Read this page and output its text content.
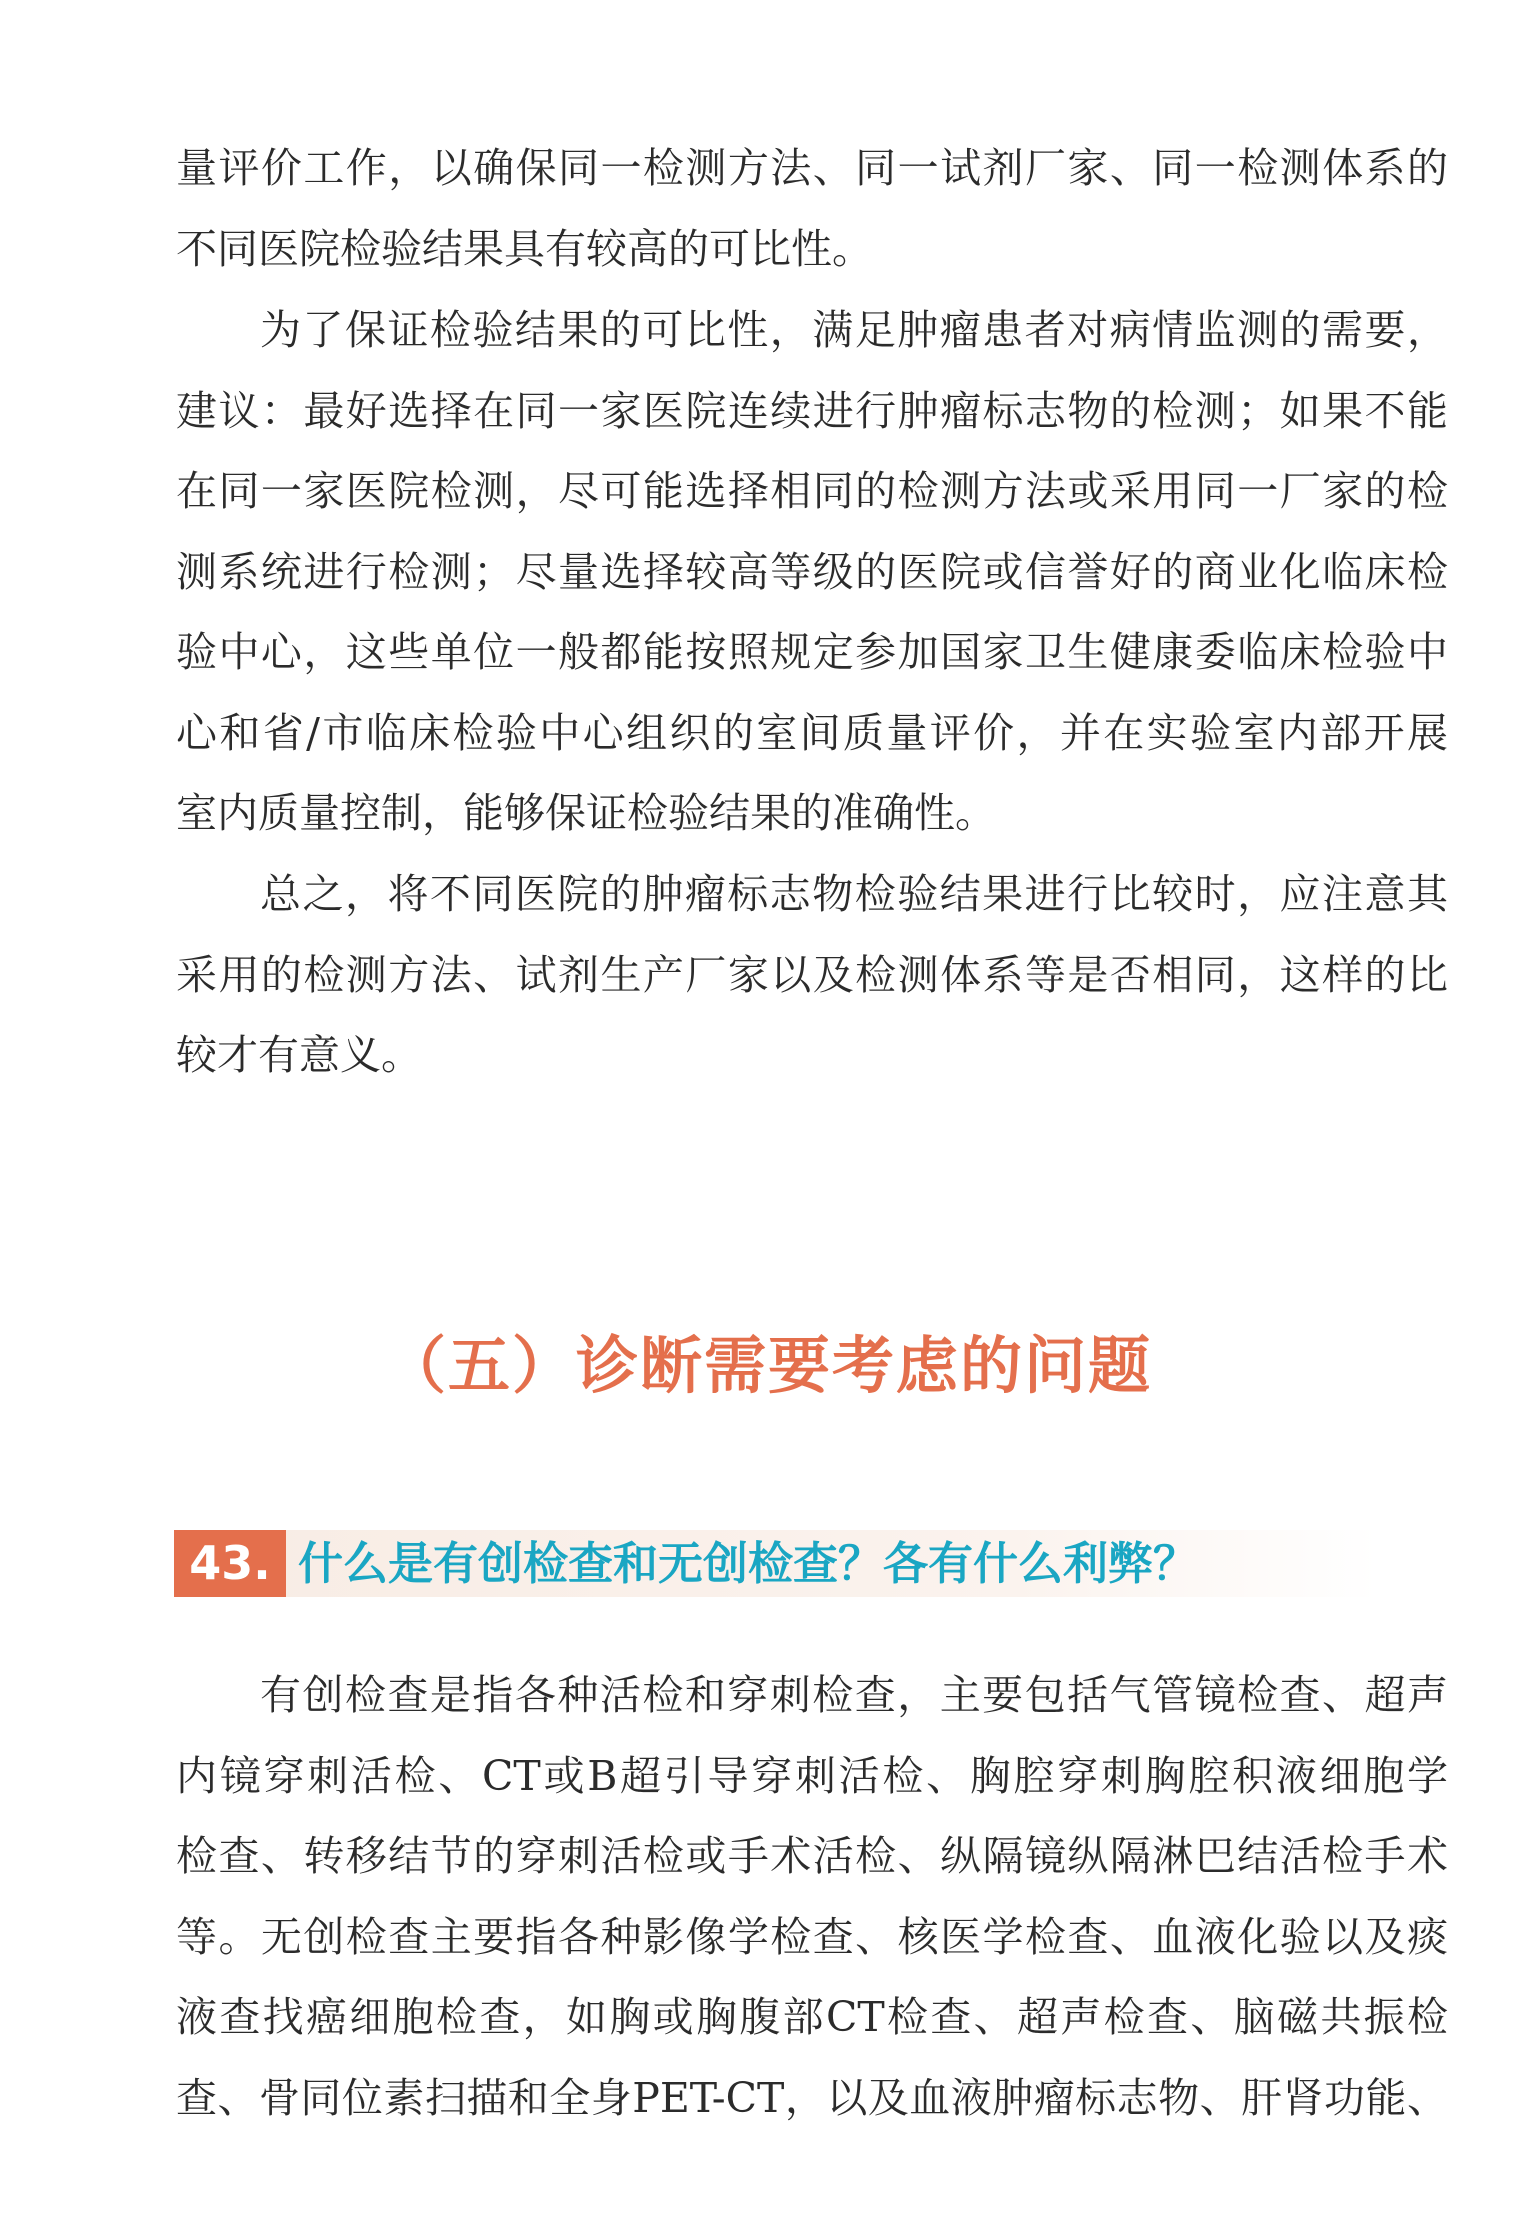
量评价工作，以确保同一检测方法、同一试剂厂家、同一检测体系的
不同医院检验结果具有较高的可比性。
为了保证检验结果的可比性，满足肿瘤患者对病情监测的需要，
建议：最好选择在同一家医院连续进行肿瘤标志物的检测；如果不能
在同一家医院检测，尽可能选择相同的检测方法或采用同一厂家的检
测系统进行检测；尽量选择较高等级的医院或信誉好的商业化临床检
验中心，这些单位一般都能按照规定参加国家卫生健康委临床检验中
心和省/市临床检验中心组织的室间质量评价，并在实验室内部开展
室内质量控制，能够保证检验结果的准确性。
总之，将不同医院的肿瘤标志物检验结果进行比较时，应注意其
采用的检测方法、试剂生产厂家以及检测体系等是否相同，这样的比
较才有意义。
（五）诊断需要考虑的问题
43. 什么是有创检查和无创检查？各有什么利弊？
有创检查是指各种活检和穿刺检查，主要包括气管镜检查、超声
内镜穿刺活检、CT或B超引导穿刺活检、胸腔穿刺胸腔积液细胞学
检查、转移结节的穿刺活检或手术活检、纵隔镜纵隔淋巴结活检手术
等。无创检查主要指各种影像学检查、核医学检查、血液化验以及痰
液查找癌细胞检查，如胸或胸腹部CT检查、超声检查、脑磁共振检
查、骨同位素扫描和全身PET-CT，以及血液肿瘤标志物、肝肾功能、
